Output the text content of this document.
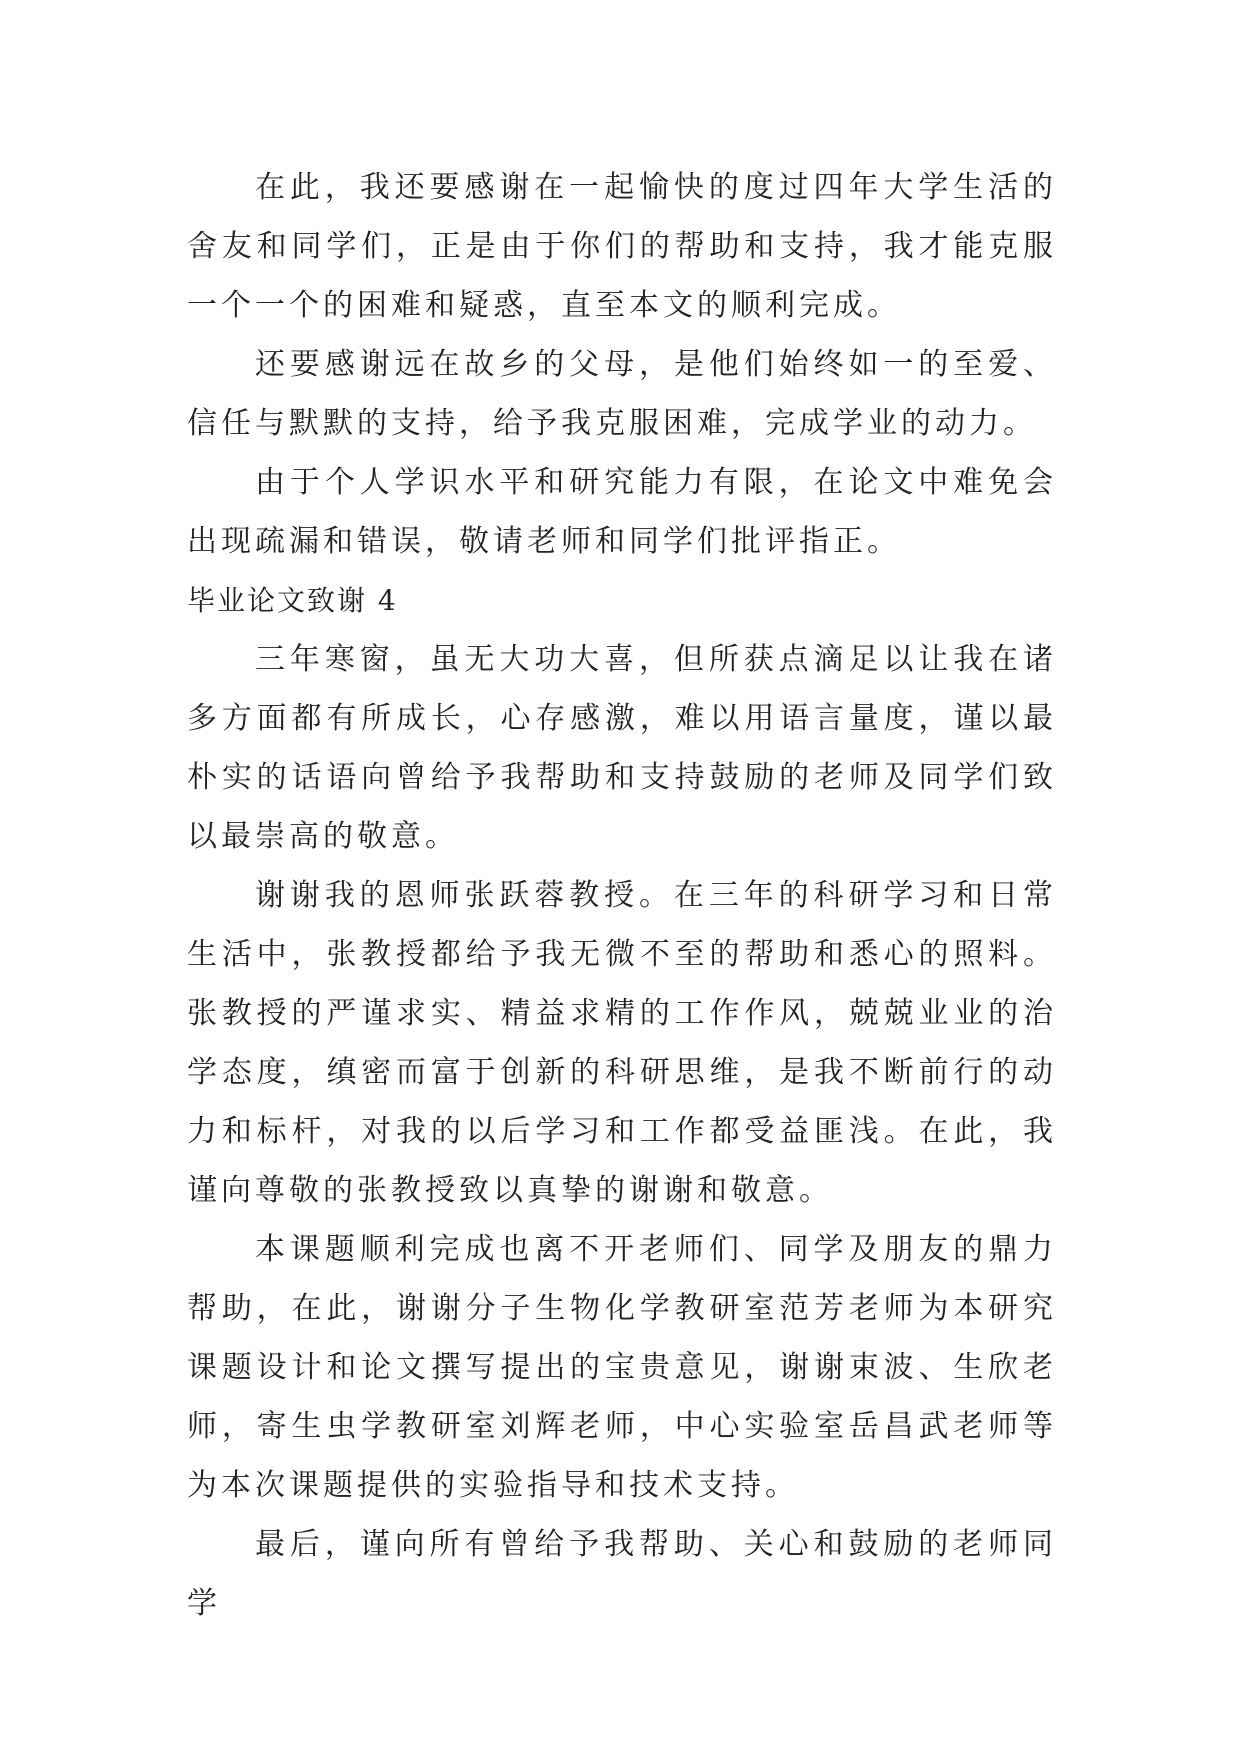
在此，我还要感谢在一起愉快的度过四年大学生活的舍友和同学们，正是由于你们的帮助和支持，我才能克服一个一个的困难和疑惑，直至本文的顺利完成。

还要感谢远在故乡的父母，是他们始终如一的至爱、信任与默默的支持，给予我克服困难，完成学业的动力。

由于个人学识水平和研究能力有限，在论文中难免会出现疏漏和错误，敬请老师和同学们批评指正。

毕业论文致谢 4

三年寒窗，虽无大功大喜，但所获点滴足以让我在诸多方面都有所成长，心存感激，难以用语言量度，谨以最朴实的话语向曾给予我帮助和支持鼓励的老师及同学们致以最崇高的敬意。

谢谢我的恩师张跃蓉教授。在三年的科研学习和日常生活中，张教授都给予我无微不至的帮助和悉心的照料。张教授的严谨求实、精益求精的工作作风，兢兢业业的治学态度，缜密而富于创新的科研思维，是我不断前行的动力和标杆，对我的以后学习和工作都受益匪浅。在此，我谨向尊敬的张教授致以真挚的谢谢和敬意。

本课题顺利完成也离不开老师们、同学及朋友的鼎力帮助，在此，谢谢分子生物化学教研室范芳老师为本研究课题设计和论文撰写提出的宝贵意见，谢谢束波、生欣老师，寄生虫学教研室刘辉老师，中心实验室岳昌武老师等为本次课题提供的实验指导和技术支持。

最后，谨向所有曾给予我帮助、关心和鼓励的老师同学
